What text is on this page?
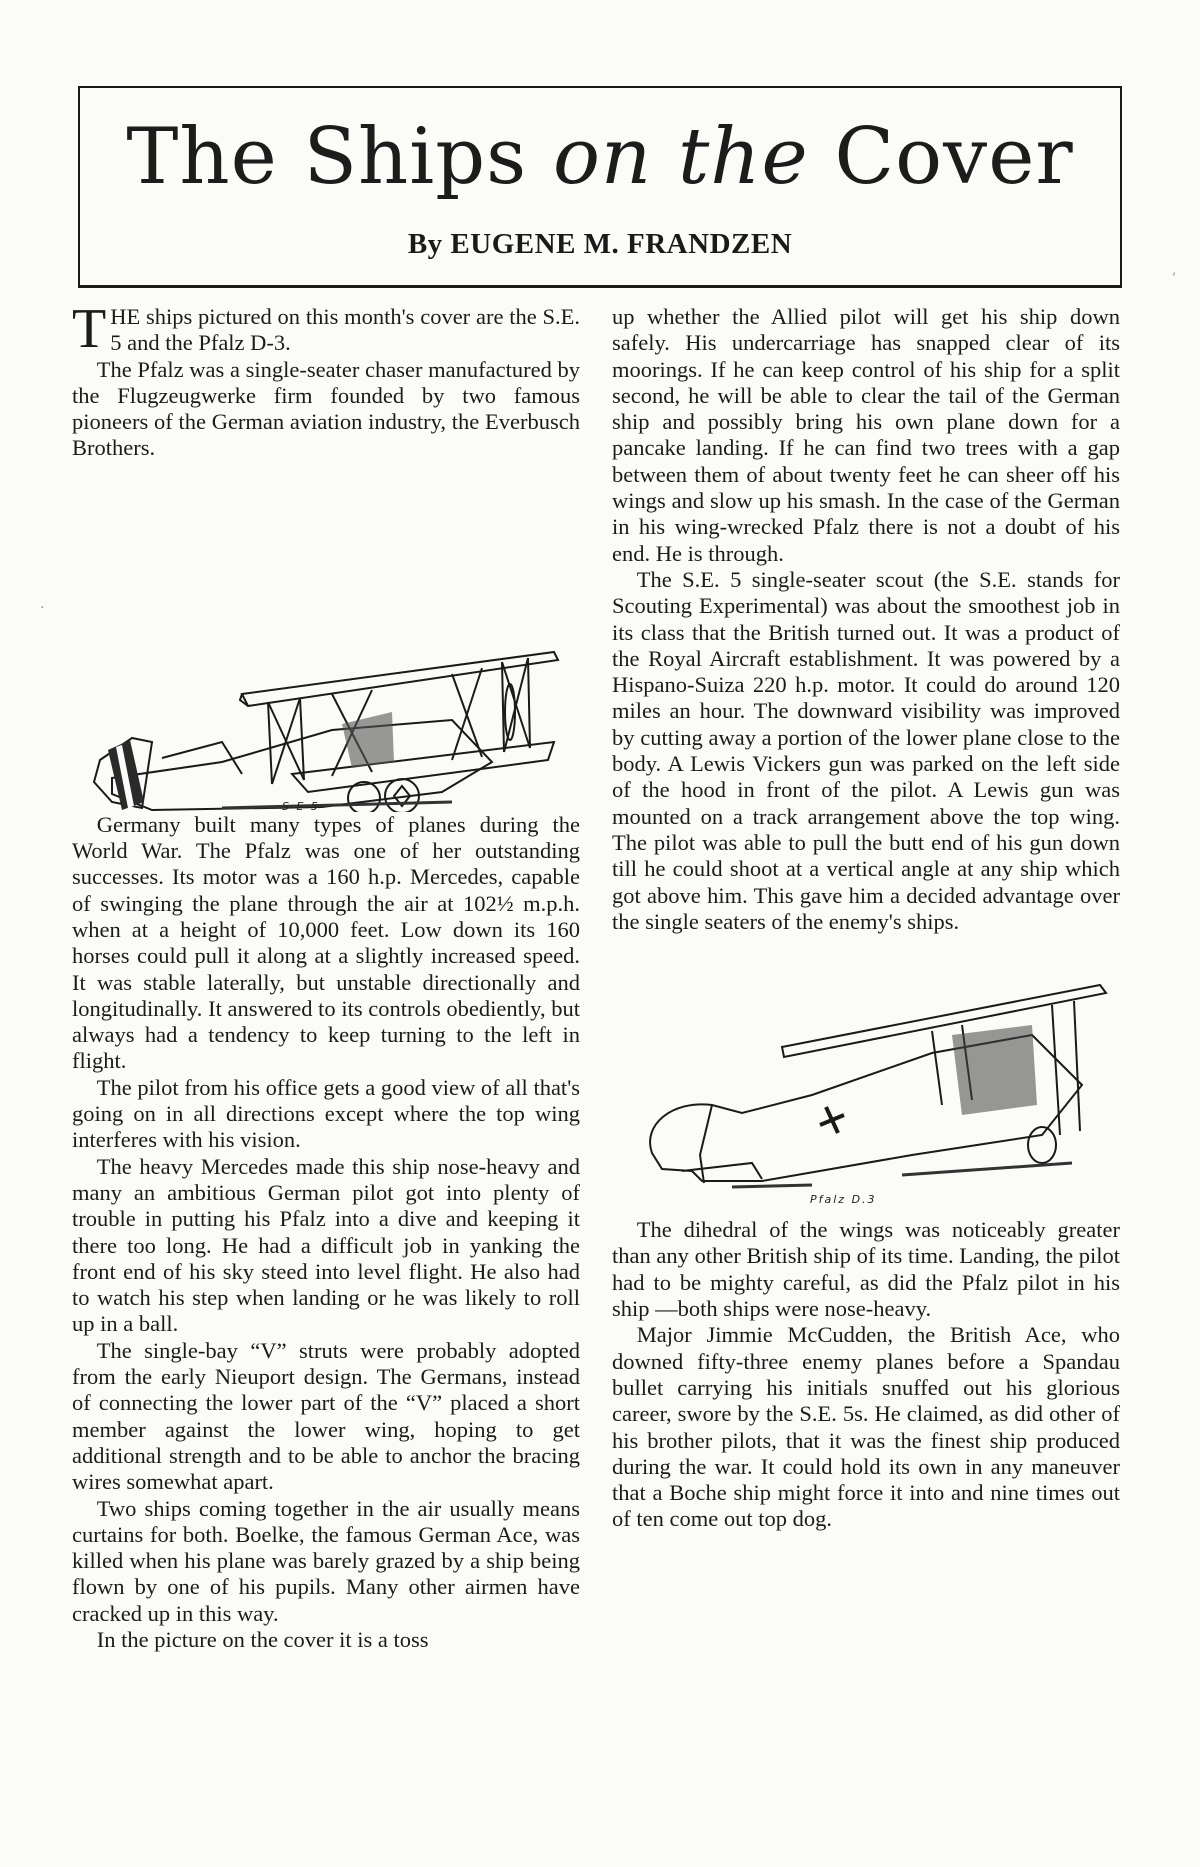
The Ships on the Cover
By EUGENE M. FRANDZEN
,
·

THE ships pictured on this month's cover are the S.E. 5 and the Pfalz D-3.

The Pfalz was a single-seater chaser manufactured by the Flugzeugwerke firm founded by two famous pioneers of the German aviation industry, the Everbusch Brothers.

S E 5

Germany built many types of planes during the World War. The Pfalz was one of her outstanding successes. Its motor was a 160 h.p. Mercedes, capable of swinging the plane through the air at 102½ m.p.h. when at a height of 10,000 feet. Low down its 160 horses could pull it along at a slightly increased speed. It was stable laterally, but unstable directionally and longitudinally. It answered to its controls obediently, but always had a tendency to keep turning to the left in flight.

The pilot from his office gets a good view of all that's going on in all directions except where the top wing interferes with his vision.

The heavy Mercedes made this ship nose-heavy and many an ambitious German pilot got into plenty of trouble in putting his Pfalz into a dive and keeping it there too long. He had a difficult job in yanking the front end of his sky steed into level flight. He also had to watch his step when landing or he was likely to roll up in a ball.

The single-bay “V” struts were probably adopted from the early Nieuport design. The Germans, instead of connecting the lower part of the “V” placed a short member against the lower wing, hoping to get additional strength and to be able to anchor the bracing wires somewhat apart.

Two ships coming together in the air usually means curtains for both. Boelke, the famous German Ace, was killed when his plane was barely grazed by a ship being flown by one of his pupils. Many other airmen have cracked up in this way.

In the picture on the cover it is a toss

up whether the Allied pilot will get his ship down safely. His undercarriage has snapped clear of its moorings. If he can keep control of his ship for a split second, he will be able to clear the tail of the German ship and possibly bring his own plane down for a pancake landing. If he can find two trees with a gap between them of about twenty feet he can sheer off his wings and slow up his smash. In the case of the German in his wing-wrecked Pfalz there is not a doubt of his end. He is through.

The S.E. 5 single-seater scout (the S.E. stands for Scouting Experimental) was about the smoothest job in its class that the British turned out. It was a product of the Royal Aircraft establishment. It was powered by a Hispano-Suiza 220 h.p. motor. It could do around 120 miles an hour. The downward visibility was improved by cutting away a portion of the lower plane close to the body. A Lewis Vickers gun was parked on the left side of the hood in front of the pilot. A Lewis gun was mounted on a track arrangement above the top wing. The pilot was able to pull the butt end of his gun down till he could shoot at a vertical angle at any ship which got above him. This gave him a decided advantage over the single seaters of the enemy's ships.

Pfalz D.3

The dihedral of the wings was noticeably greater than any other British ship of its time. Landing, the pilot had to be mighty careful, as did the Pfalz pilot in his ship —both ships were nose-heavy.

Major Jimmie McCudden, the British Ace, who downed fifty-three enemy planes before a Spandau bullet carrying his initials snuffed out his glorious career, swore by the S.E. 5s. He claimed, as did other of his brother pilots, that it was the finest ship produced during the war. It could hold its own in any maneuver that a Boche ship might force it into and nine times out of ten come out top dog.
